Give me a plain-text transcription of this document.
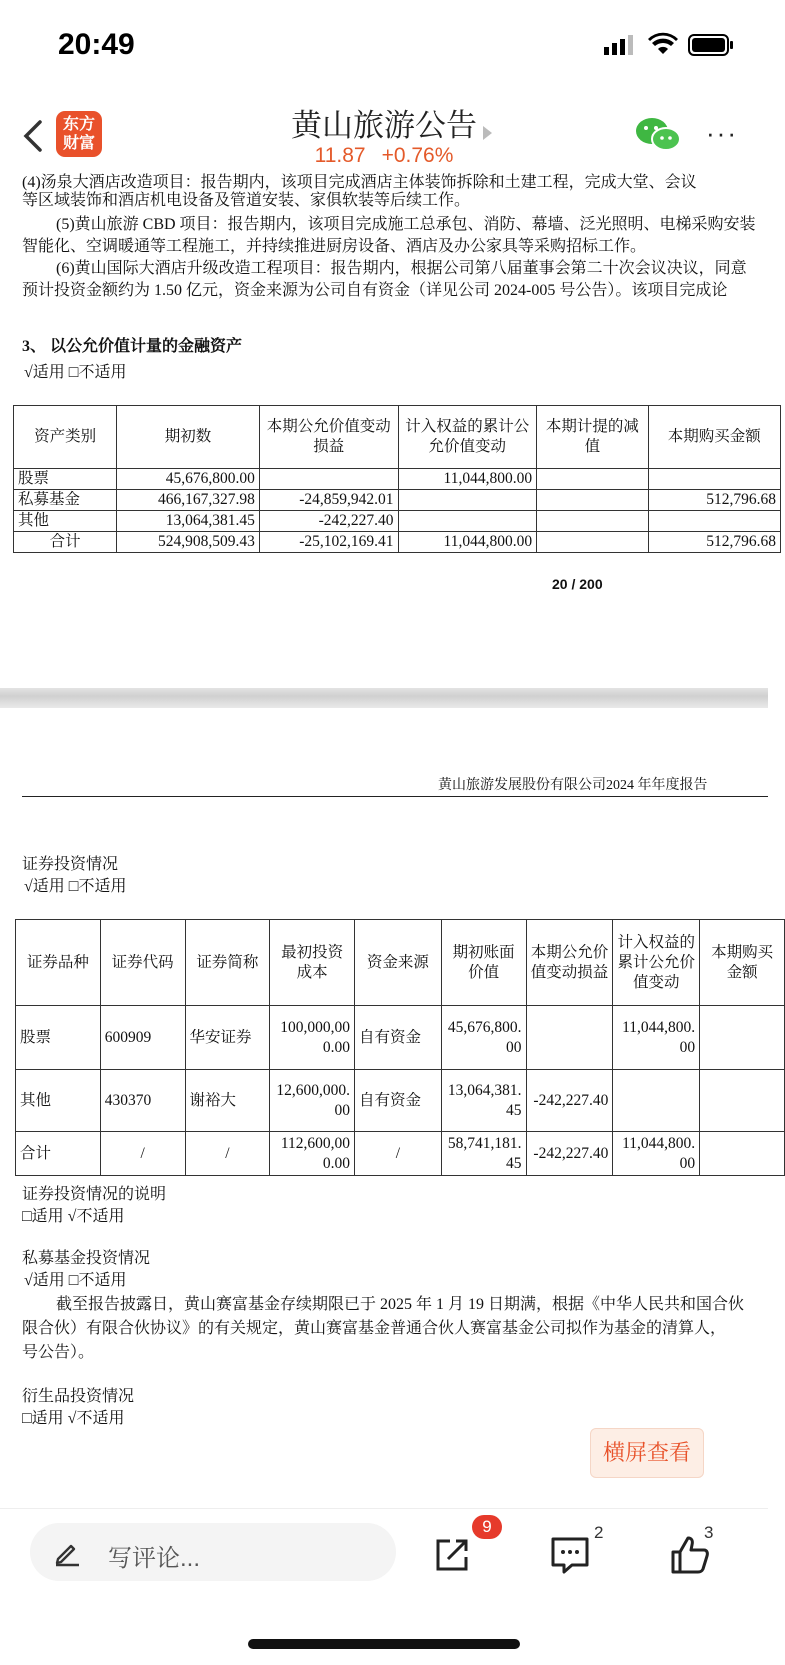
20:49
东方
财富
黄山旅游公告
11.87 +0.76%
···
(4)汤泉大酒店改造项目：报告期内，该项目完成酒店主体装饰拆除和土建工程，完成大堂、会议
等区域装饰和酒店机电设备及管道安装、家俱软装等后续工作。
(5)黄山旅游 CBD 项目：报告期内，该项目完成施工总承包、消防、幕墙、泛光照明、电梯采购安装
智能化、空调暖通等工程施工，并持续推进厨房设备、酒店及办公家具等采购招标工作。
(6)黄山国际大酒店升级改造工程项目：报告期内，根据公司第八届董事会第二十次会议决议，同意
预计投资金额约为 1.50 亿元，资金来源为公司自有资金（详见公司 2024-005 号公告）。该项目完成论
3、 以公允价值计量的金融资产
√适用 □不适用
资产类别	期初数	本期公允价值变动损益	计入权益的累计公允价值变动	本期计提的减值	本期购买金额
股票	45,676,800.00		11,044,800.00		
私募基金	466,167,327.98	-24,859,942.01			512,796.68
其他	13,064,381.45	-242,227.40			
合计	524,908,509.43	-25,102,169.41	11,044,800.00		512,796.68
20 / 200
黄山旅游发展股份有限公司2024 年年度报告
证券投资情况
√适用 □不适用
证券品种	证券代码	证券简称	最初投资成本	资金来源	期初账面价值	本期公允价值变动损益	计入权益的累计公允价值变动	本期购买金额
股票	600909	华安证券	100,000,000.00	自有资金	45,676,800.00		11,044,800.00	
其他	430370	谢裕大	12,600,000.00	自有资金	13,064,381.45	-242,227.40		
合计	/	/	112,600,000.00	/	58,741,181.45	-242,227.40	11,044,800.00	
证券投资情况的说明
□适用 √不适用
私募基金投资情况
√适用 □不适用
截至报告披露日，黄山赛富基金存续期限已于 2025 年 1 月 19 日期满，根据《中华人民共和国合伙
限合伙）有限合伙协议》的有关规定，黄山赛富基金普通合伙人赛富基金公司拟作为基金的清算人，
号公告）。
衍生品投资情况
□适用 √不适用
横屏查看
写评论...
9	2	3
